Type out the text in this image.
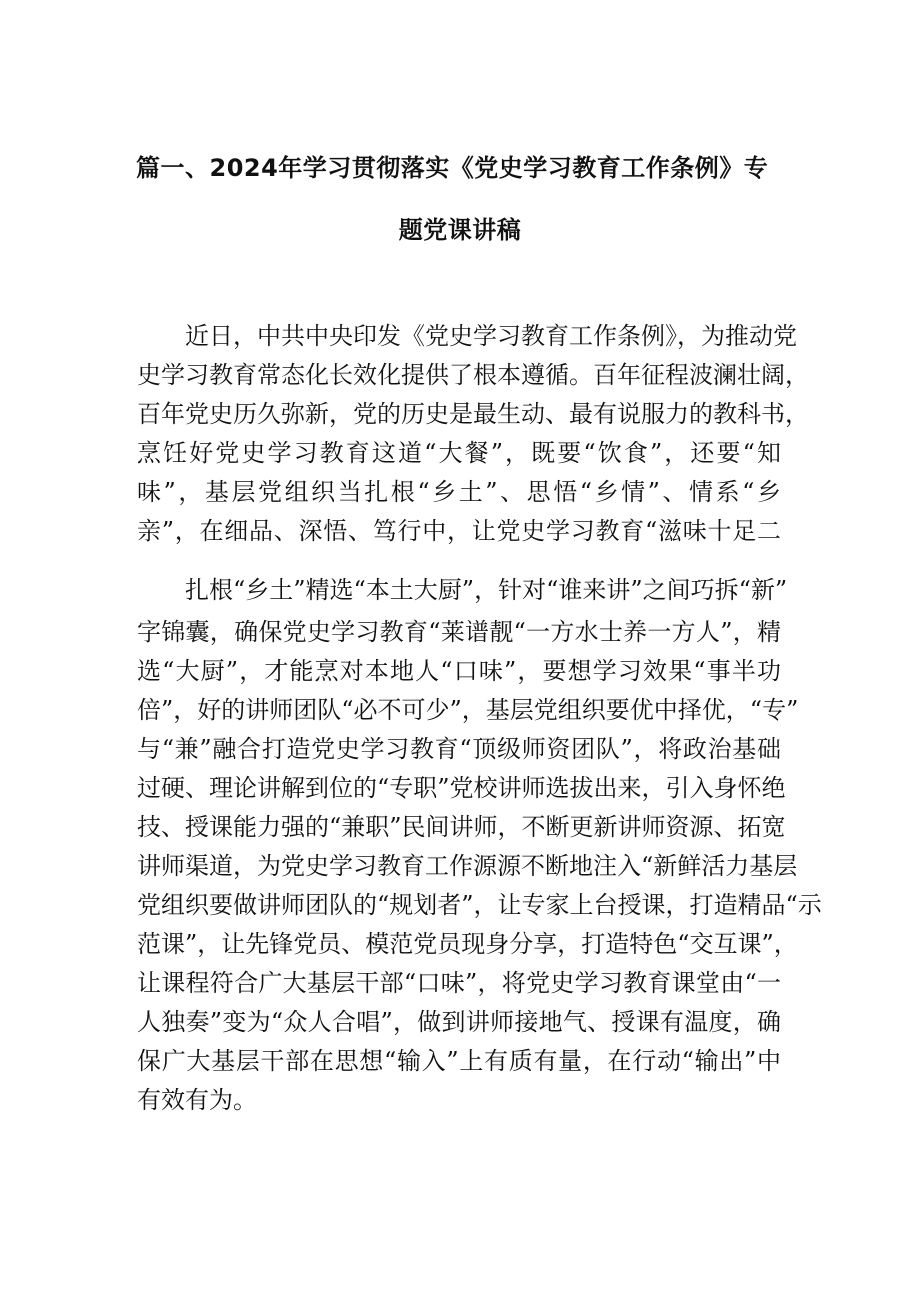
篇一、2024年学习贯彻落实《党史学习教育工作条例》专
题党课讲稿
近日，中共中央印发《党史学习教育工作条例》，为推动党
史学习教育常态化长效化提供了根本遵循。百年征程波澜壮阔，
百年党史历久弥新，党的历史是最生动、最有说服力的教科书，
烹饪好党史学习教育这道“大餐”，既要“饮食”，还要“知
味”，基层党组织当扎根“乡土”、思悟“乡情”、情系“乡
亲”，在细品、深悟、笃行中，让党史学习教育“滋味十足二
扎根“乡土”精选“本土大厨”，针对“谁来讲”之间巧拆“新”
字锦囊，确保党史学习教育“莱谱靓“一方水士养一方人”，精
选“大厨”，才能烹对本地人“口味”，要想学习效果“事半功
倍”，好的讲师团队“必不可少”，基层党组织要优中择优，“专”
与“兼”融合打造党史学习教育“顶级师资团队”，将政治基础
过硬、理论讲解到位的“专职”党校讲师选拔出来，引入身怀绝
技、授课能力强的“兼职”民间讲师，不断更新讲师资源、拓宽
讲师渠道，为党史学习教育工作源源不断地注入“新鲜活力基层
党组织要做讲师团队的“规划者”，让专家上台授课，打造精品“示
范课”，让先锋党员、模范党员现身分享，打造特色“交互课”，
让课程符合广大基层干部“口味”，将党史学习教育课堂由“一
人独奏”变为“众人合唱”，做到讲师接地气、授课有温度，确
保广大基层干部在思想“输入”上有质有量，在行动“输出”中
有效有为。
